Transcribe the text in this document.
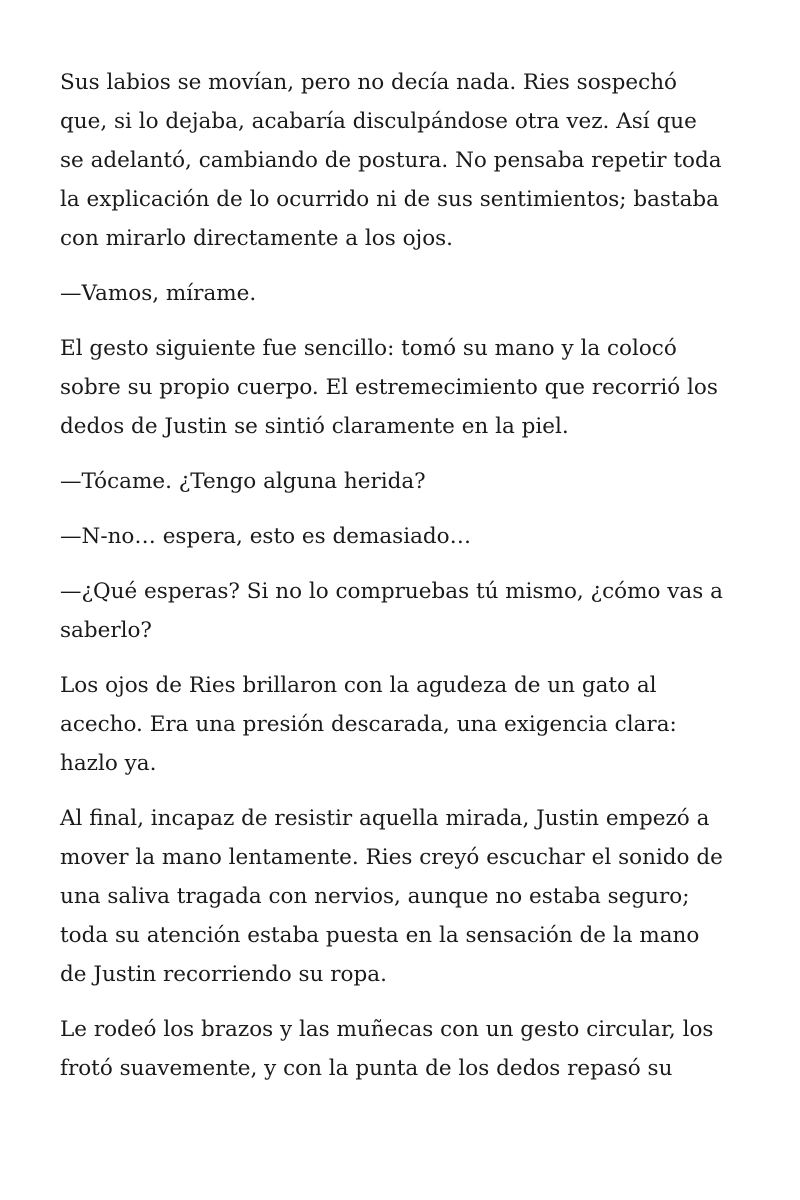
Sus labios se movían, pero no decía nada. Ries sospechó
que, si lo dejaba, acabaría disculpándose otra vez. Así que
se adelantó, cambiando de postura. No pensaba repetir toda
la explicación de lo ocurrido ni de sus sentimientos; bastaba
con mirarlo directamente a los ojos.

—Vamos, mírame.

El gesto siguiente fue sencillo: tomó su mano y la colocó
sobre su propio cuerpo. El estremecimiento que recorrió los
dedos de Justin se sintió claramente en la piel.

—Tócame. ¿Tengo alguna herida?

—N-no… espera, esto es demasiado…

—¿Qué esperas? Si no lo compruebas tú mismo, ¿cómo vas a
saberlo?

Los ojos de Ries brillaron con la agudeza de un gato al
acecho. Era una presión descarada, una exigencia clara:
hazlo ya.

Al final, incapaz de resistir aquella mirada, Justin empezó a
mover la mano lentamente. Ries creyó escuchar el sonido de
una saliva tragada con nervios, aunque no estaba seguro;
toda su atención estaba puesta en la sensación de la mano
de Justin recorriendo su ropa.

Le rodeó los brazos y las muñecas con un gesto circular, los
frotó suavemente, y con la punta de los dedos repasó su
